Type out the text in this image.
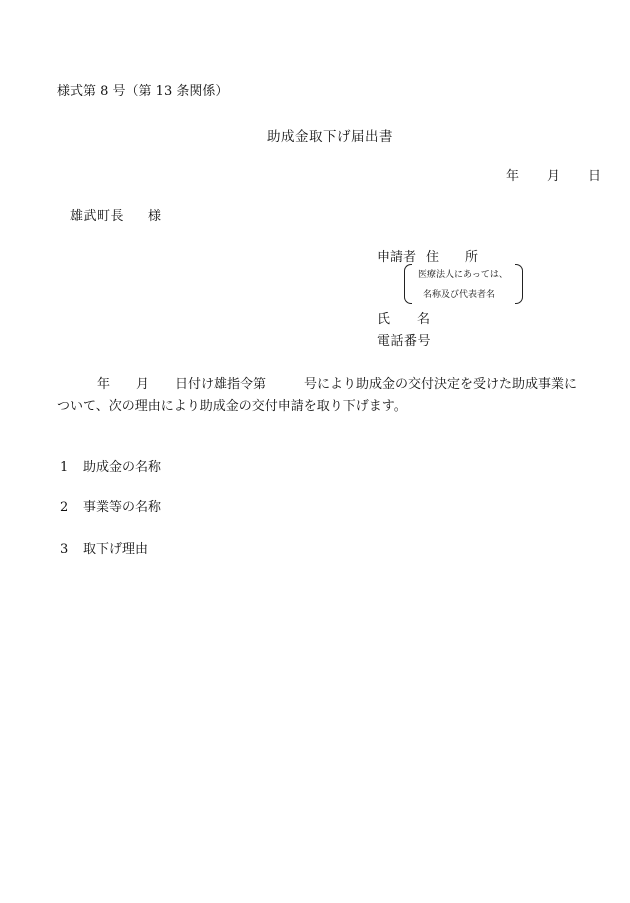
様式第 8 号（第 13 条関係）
助成金取下げ届出書
年 月 日
雄武町長 様
申請者 住 所
医療法人にあっては、
名称及び代表者名
氏 名
電話番号
年 月 日付け雄指令第	号により助成金の交付決定を受けた助成事業に
ついて、次の理由により助成金の交付申請を取り下げます。
1 助成金の名称
2 事業等の名称
3 取下げ理由
